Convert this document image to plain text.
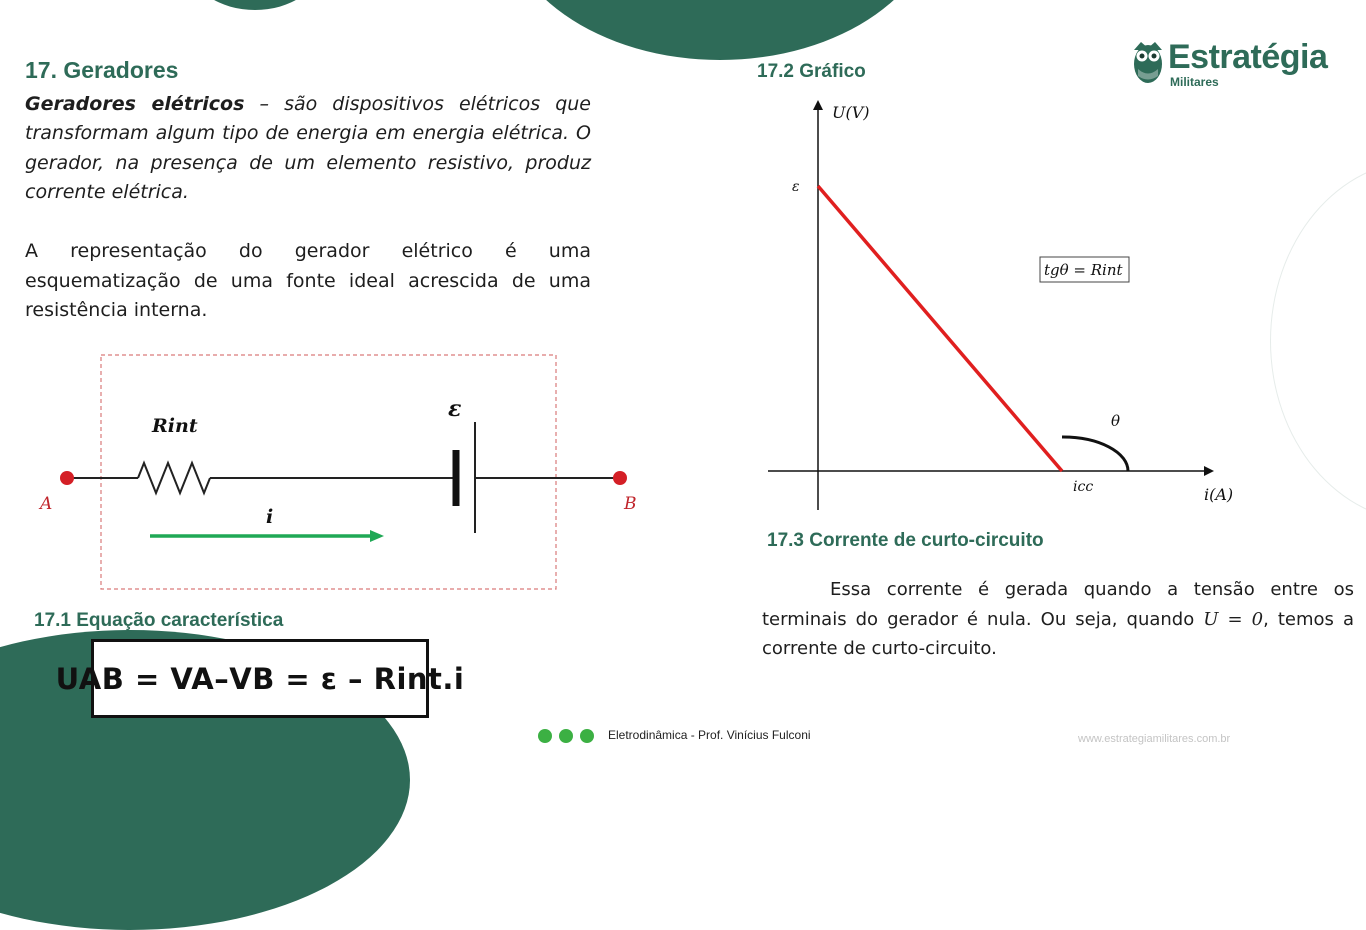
Estratégia
Militares
17. Geradores

Geradores elétricos – são dispositivos elétricos que transformam algum tipo de energia em energia elétrica. O gerador, na presença de um elemento resistivo, produz corrente elétrica.

A representação do gerador elétrico é uma esquematização de uma fonte ideal acrescida de uma resistência interna.

Rint
ε
i
A	B
17.1 Equação característica
UAB = VA–VB = ε – Rint.i
17.2 Gráfico
tgθ = Rint
U(V)
i(A)
ε
icc
θ
17.3 Corrente de curto-circuito

Essa corrente é gerada quando a tensão entre os terminais do gerador é nula. Ou seja, quando U = 0, temos a corrente de curto-circuito.

Eletrodinâmica - Prof. Vinícius Fulconi	www.estrategiamilitares.com.br
